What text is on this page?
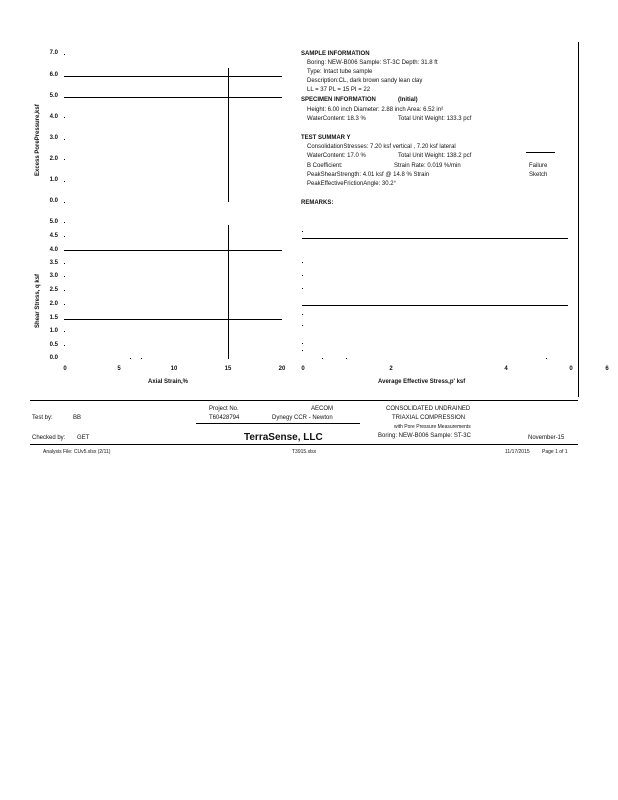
Excess PorePressure,ksf
7.0
6.0
5.0
4.0
3.0
2.0
1.0
0.0
Shear Stress, q ksf
5.0
4.5
4.0
3.5
3.0
2.5
2.0
1.5
1.0
0.5
0.0
0	5	10	15	20
Axial Strain,%
0	2	4	0	6
Average Effective Stress,p' ksf
SAMPLE INFORMATION
Boring: NEW-B006 Sample: ST-3C Depth: 31.8 ft
Type: Intact tube sample
Description:CL, dark brown sandy lean clay
LL = 37 PL = 15 PI = 22
SPECIMEN INFORMATION	(Initial)
Height: 6.00 inch Diameter: 2.88 inch Area: 6.52 in²
WaterContent: 18.3 %	Total Unit Weight: 133.3 pcf
TEST SUMMAR Y
ConsolidationStresses: 7.20 ksf vertical , 7.20 ksf lateral
WaterContent: 17.0 %	Total Unit Weight: 138.2 pcf
B Coefficient:	Strain Rate: 0.019 %/min
PeakShearStrength: 4.01 ksf @ 14.8 % Strain
PeakEffectiveFrictionAngle: 30.2°
Failure
Sketch
REMARKS:
Project No.	AECOM	CONSOLIDATED UNDRAINED
Test by:	BB	T60428794	Dynegy CCR - Newton	TRIAXIAL COMPRESSION
with Pore Pressure Measurements
Checked by: GET	TerraSense, LLC	Boring: NEW-B006 Sample: ST-3C	November-15
Analysis File: CUv5.xlsx (2/11)	T3915.xlsx	11/17/2015 Page 1 of 1
